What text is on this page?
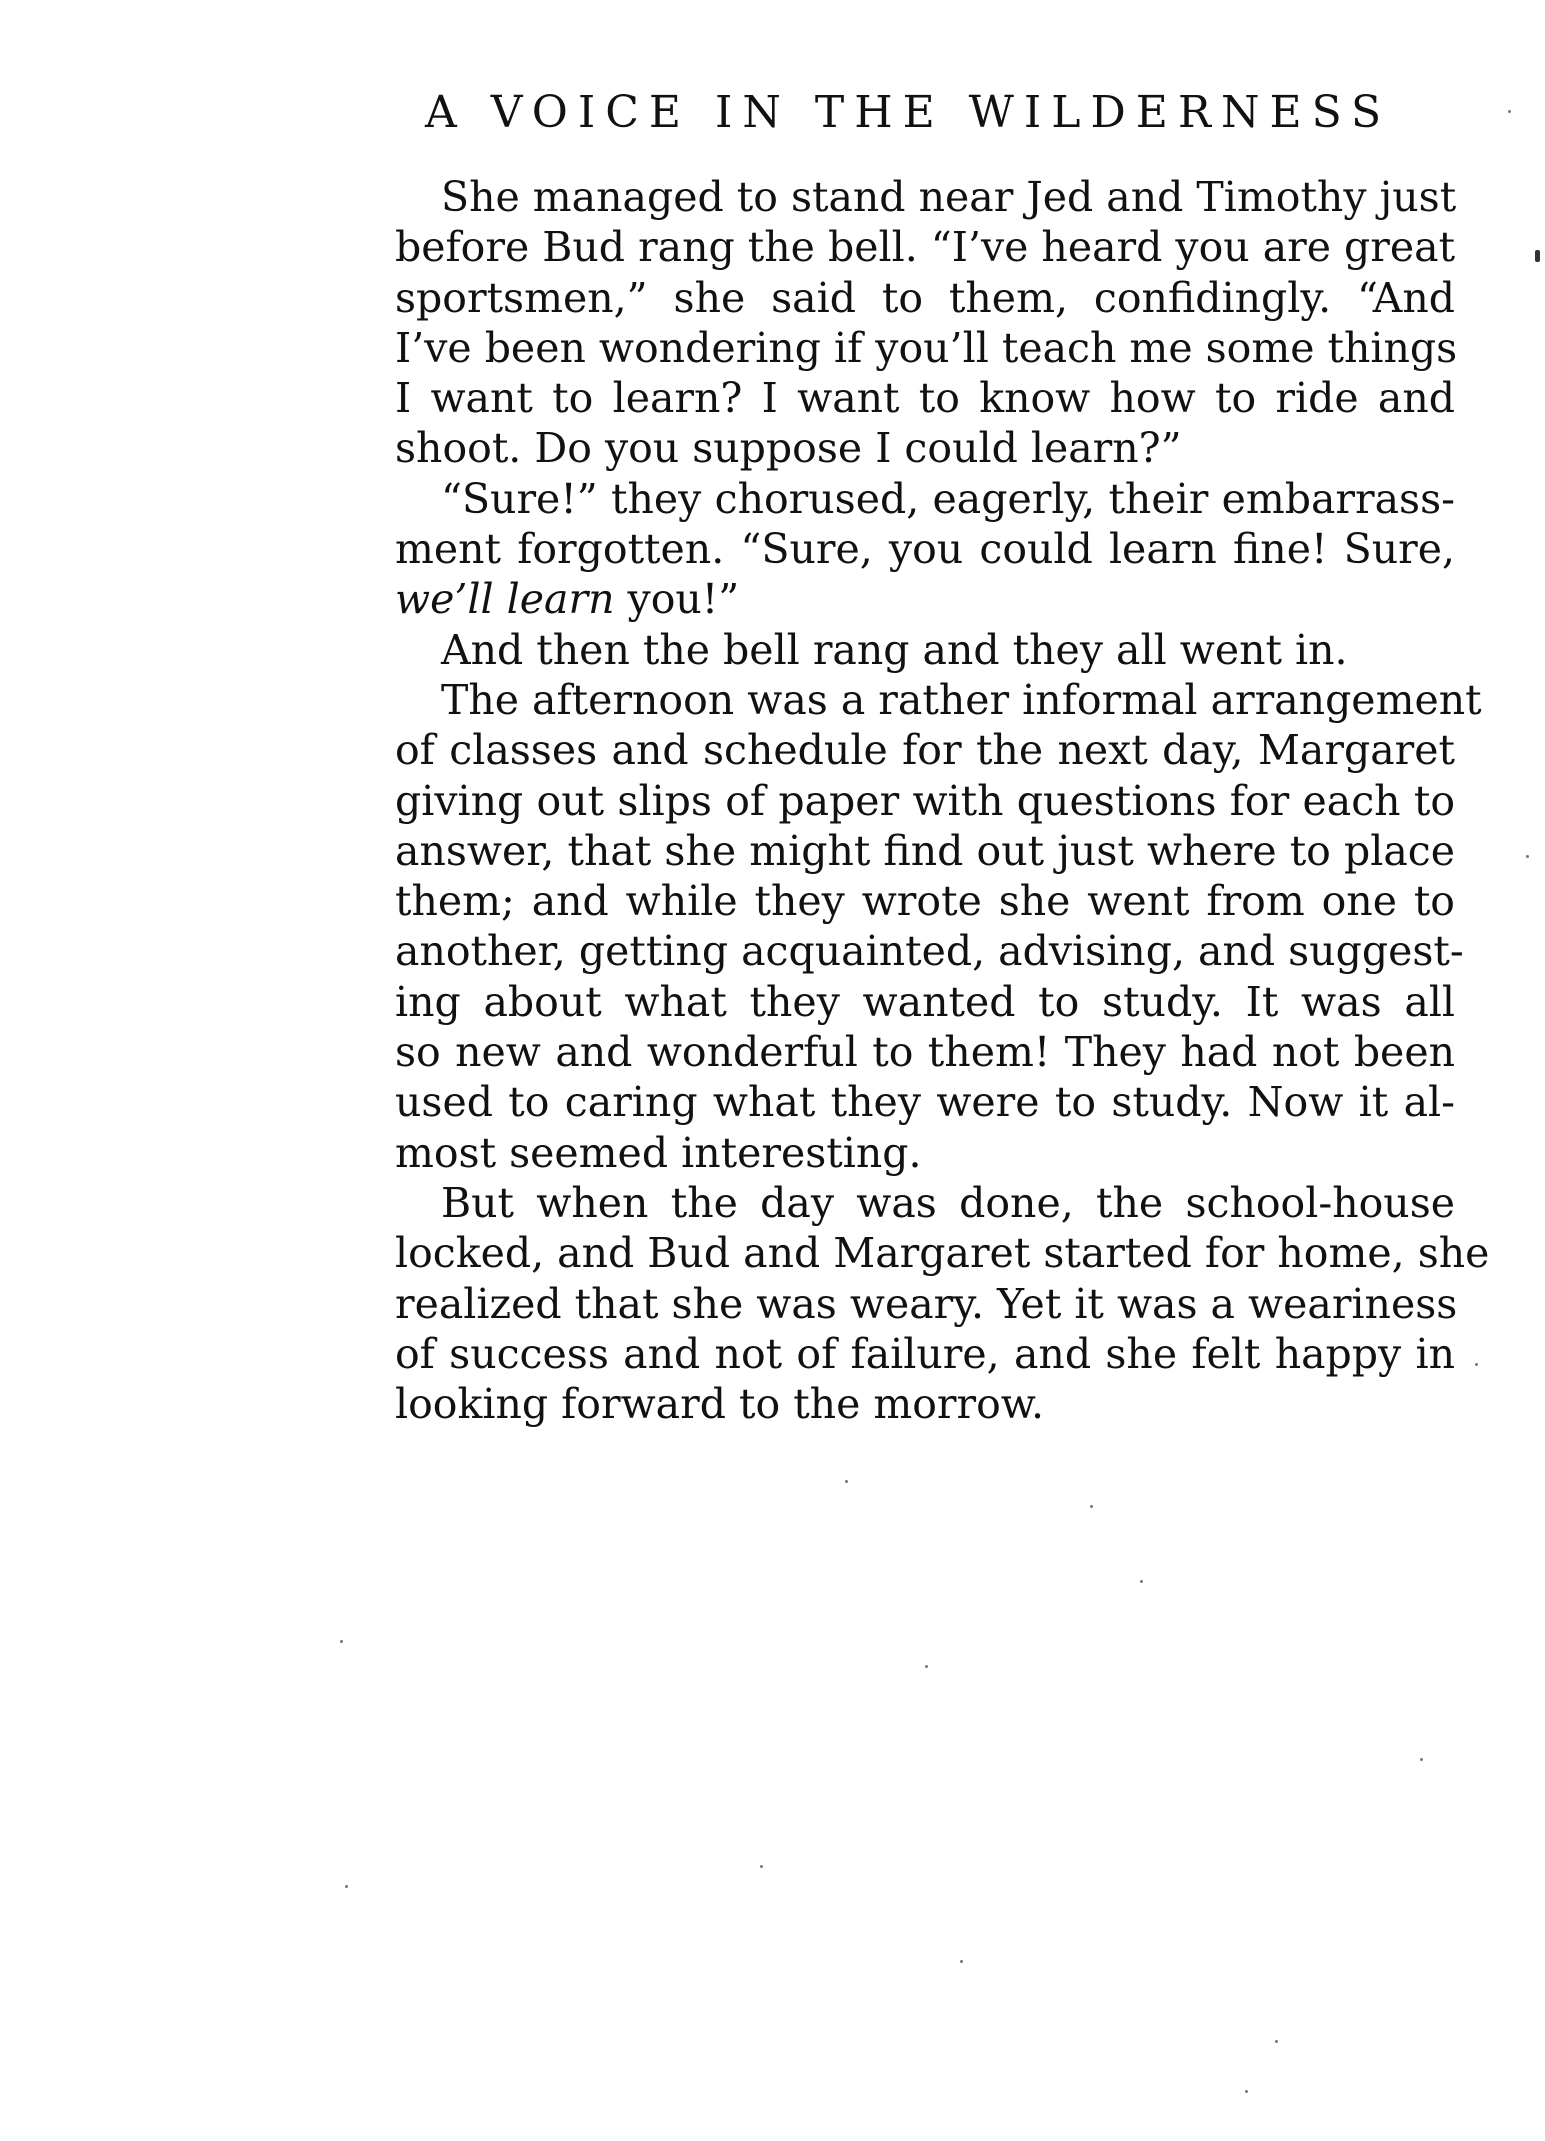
A VOICE IN THE WILDERNESS
She managed to stand near Jed and Timothy just
before Bud rang the bell. “I’ve heard you are great
sportsmen,” she said to them, confidingly. “And
I’ve been wondering if you’ll teach me some things
I want to learn? I want to know how to ride and
shoot. Do you suppose I could learn?”
“Sure!” they chorused, eagerly, their embarrass-
ment forgotten. “Sure, you could learn fine! Sure,
we’ll learn you!”
And then the bell rang and they all went in.
The afternoon was a rather informal arrangement
of classes and schedule for the next day, Margaret
giving out slips of paper with questions for each to
answer, that she might find out just where to place
them; and while they wrote she went from one to
another, getting acquainted, advising, and suggest-
ing about what they wanted to study. It was all
so new and wonderful to them! They had not been
used to caring what they were to study. Now it al-
most seemed interesting.
But when the day was done, the school-house
locked, and Bud and Margaret started for home, she
realized that she was weary. Yet it was a weariness
of success and not of failure, and she felt happy in
looking forward to the morrow.
